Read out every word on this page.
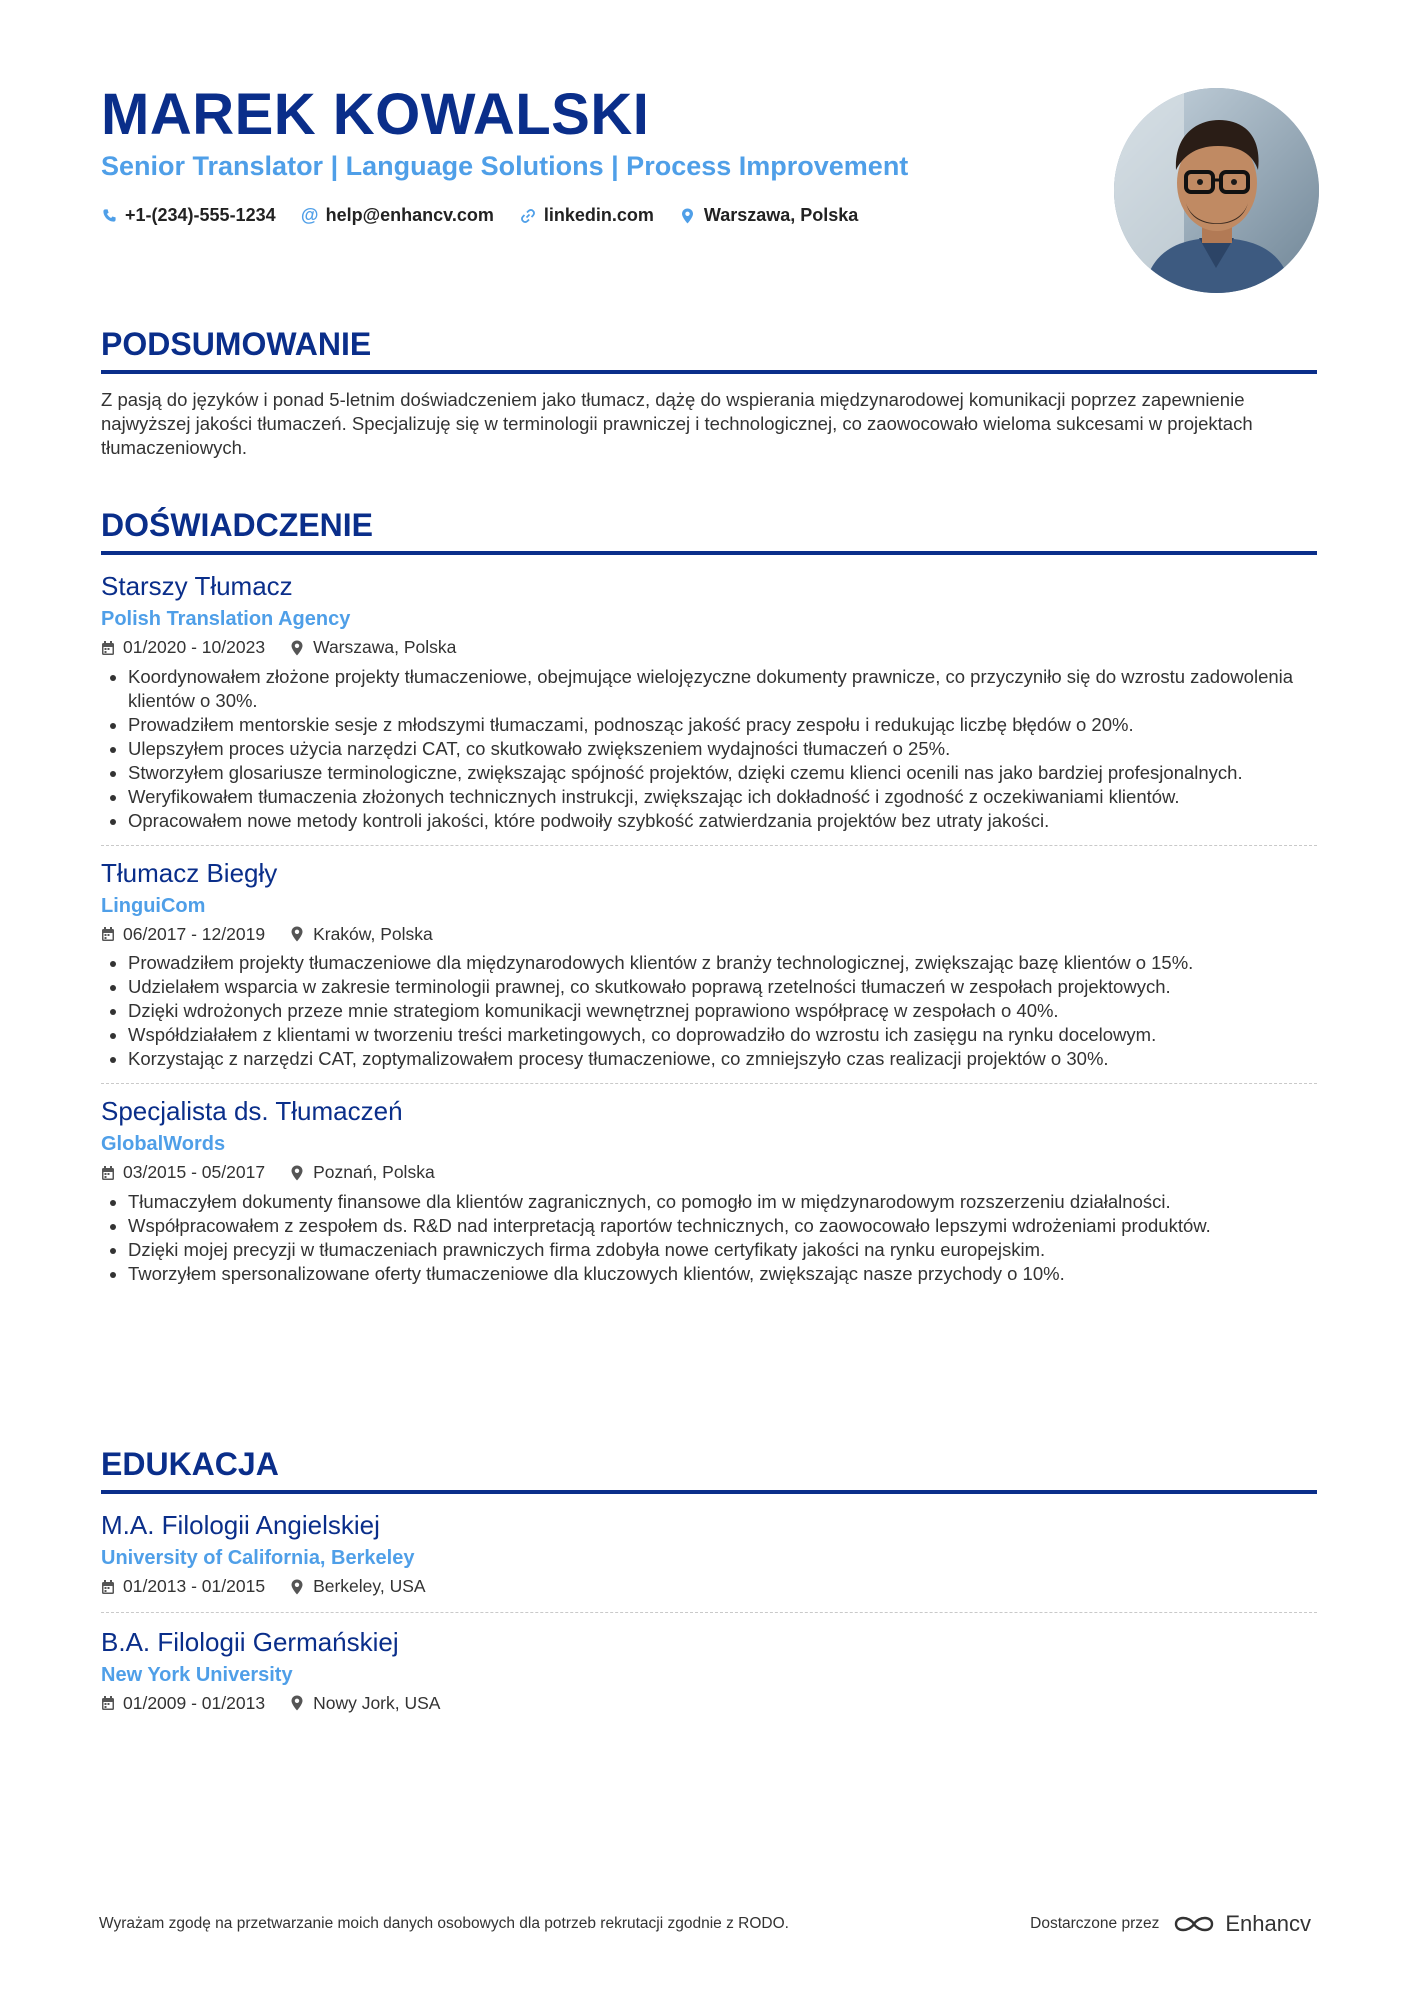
MAREK KOWALSKI
Senior Translator | Language Solutions | Process Improvement
+1-(234)-555-1234 @ help@enhancv.com	linkedin.com	Warszawa, Polska
PODSUMOWANIE

Z pasją do języków i ponad 5-letnim doświadczeniem jako tłumacz, dążę do wspierania międzynarodowej komunikacji poprzez zapewnienie najwyższej jakości tłumaczeń. Specjalizuję się w terminologii prawniczej i technologicznej, co zaowocowało wieloma sukcesami w projektach tłumaczeniowych.

DOŚWIADCZENIE
Starszy Tłumacz
Polish Translation Agency
01/2020 - 10/2023	Warszawa, Polska
• Koordynowałem złożone projekty tłumaczeniowe, obejmujące wielojęzyczne dokumenty prawnicze, co przyczyniło się do wzrostu zadowolenia klientów o 30%.
• Prowadziłem mentorskie sesje z młodszymi tłumaczami, podnosząc jakość pracy zespołu i redukując liczbę błędów o 20%.
• Ulepszyłem proces użycia narzędzi CAT, co skutkowało zwiększeniem wydajności tłumaczeń o 25%.
• Stworzyłem glosariusze terminologiczne, zwiększając spójność projektów, dzięki czemu klienci ocenili nas jako bardziej profesjonalnych.
• Weryfikowałem tłumaczenia złożonych technicznych instrukcji, zwiększając ich dokładność i zgodność z oczekiwaniami klientów.
• Opracowałem nowe metody kontroli jakości, które podwoiły szybkość zatwierdzania projektów bez utraty jakości.
Tłumacz Biegły
LinguiCom
06/2017 - 12/2019	Kraków, Polska
• Prowadziłem projekty tłumaczeniowe dla międzynarodowych klientów z branży technologicznej, zwiększając bazę klientów o 15%.
• Udzielałem wsparcia w zakresie terminologii prawnej, co skutkowało poprawą rzetelności tłumaczeń w zespołach projektowych.
• Dzięki wdrożonych przeze mnie strategiom komunikacji wewnętrznej poprawiono współpracę w zespołach o 40%.
• Współdziałałem z klientami w tworzeniu treści marketingowych, co doprowadziło do wzrostu ich zasięgu na rynku docelowym.
• Korzystając z narzędzi CAT, zoptymalizowałem procesy tłumaczeniowe, co zmniejszyło czas realizacji projektów o 30%.
Specjalista ds. Tłumaczeń
GlobalWords
03/2015 - 05/2017	Poznań, Polska
• Tłumaczyłem dokumenty finansowe dla klientów zagranicznych, co pomogło im w międzynarodowym rozszerzeniu działalności.
• Współpracowałem z zespołem ds. R&D nad interpretacją raportów technicznych, co zaowocowało lepszymi wdrożeniami produktów.
• Dzięki mojej precyzji w tłumaczeniach prawniczych firma zdobyła nowe certyfikaty jakości na rynku europejskim.
• Tworzyłem spersonalizowane oferty tłumaczeniowe dla kluczowych klientów, zwiększając nasze przychody o 10%.
EDUKACJA
M.A. Filologii Angielskiej
University of California, Berkeley
01/2013 - 01/2015	Berkeley, USA
B.A. Filologii Germańskiej
New York University
01/2009 - 01/2013	Nowy Jork, USA
Wyrażam zgodę na przetwarzanie moich danych osobowych dla potrzeb rekrutacji zgodnie z RODO.	Dostarczone przez	Enhancv
